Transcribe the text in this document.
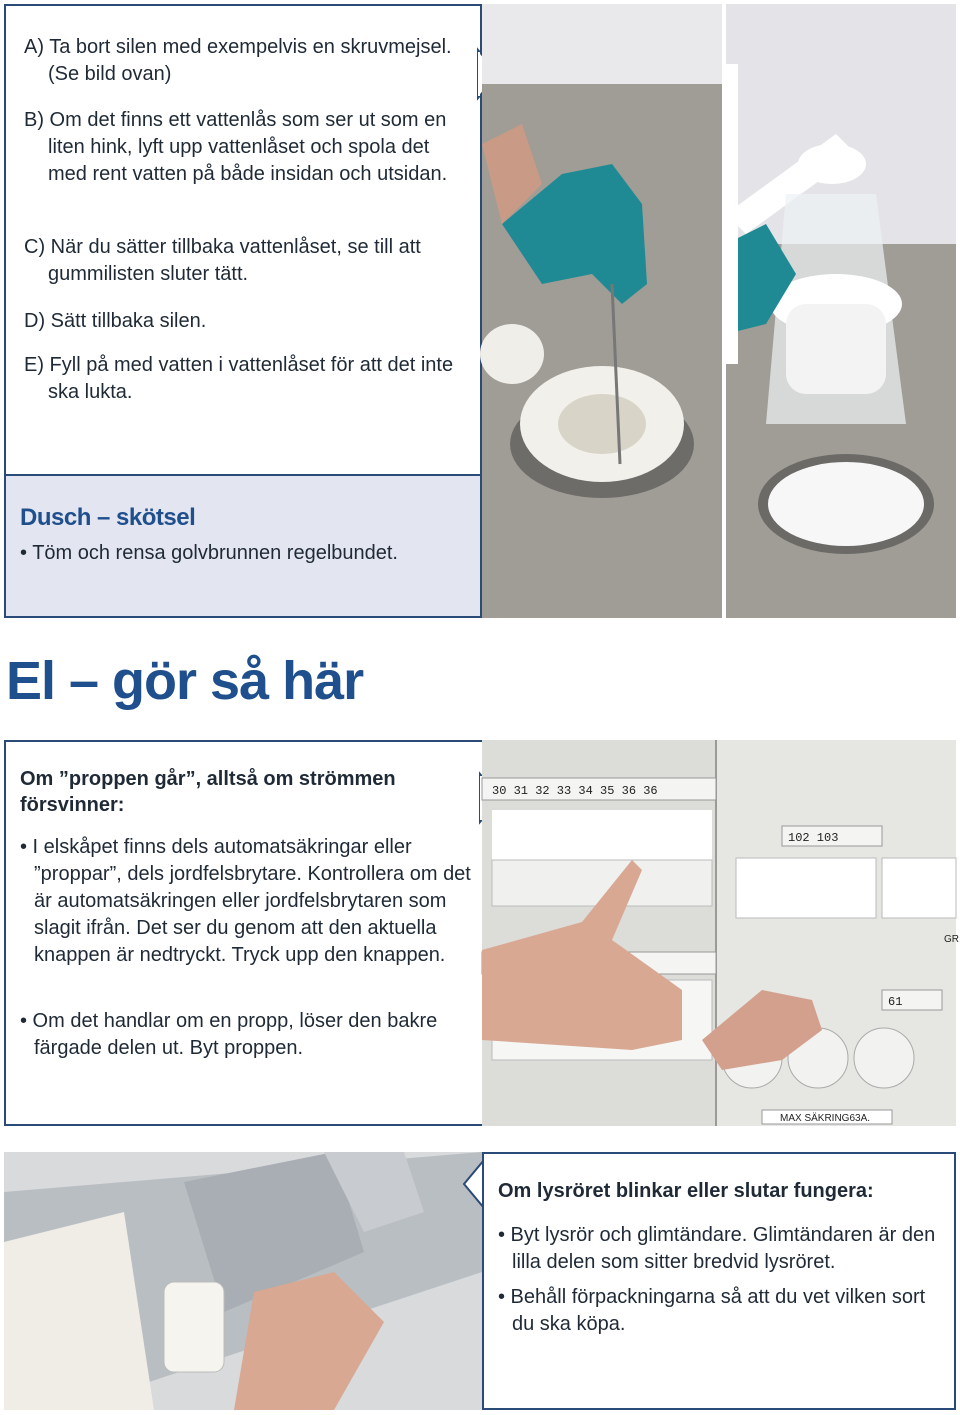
A) Ta bort silen med exempelvis en skruvmejsel. (Se bild ovan)

B) Om det finns ett vattenlås som ser ut som en liten hink, lyft upp vattenlåset och spola det med rent vatten på både insidan och utsidan.

C) När du sätter tillbaka vattenlåset, se till att gummilisten sluter tätt.

D) Sätt tillbaka silen.

E) Fyll på med vatten i vattenlåset för att det inte ska lukta.

Dusch – skötsel
• Töm och rensa golvbrunnen regelbundet.
El – gör så här

Om ”proppen går”, alltså om strömmen försvinner:

• I elskåpet finns dels automatsäkringar eller ”proppar”, dels jordfelsbrytare. Kontrollera om det är automatsäkringen eller jordfelsbrytaren som slagit ifrån. Det ser du genom att den aktuella knappen är nedtryckt. Tryck upp den knappen.

• Om det handlar om en propp, löser den bakre färgade delen ut. Byt proppen.

30 31 32 33 34 35 36 36
102 103
61
MAX SÄKRING63A.
GR

Om lysröret blinkar eller slutar fungera:

• Byt lysrör och glimtändare. Glimtändaren är den lilla delen som sitter bredvid lysröret.

• Behåll förpackningarna så att du vet vilken sort du ska köpa.
